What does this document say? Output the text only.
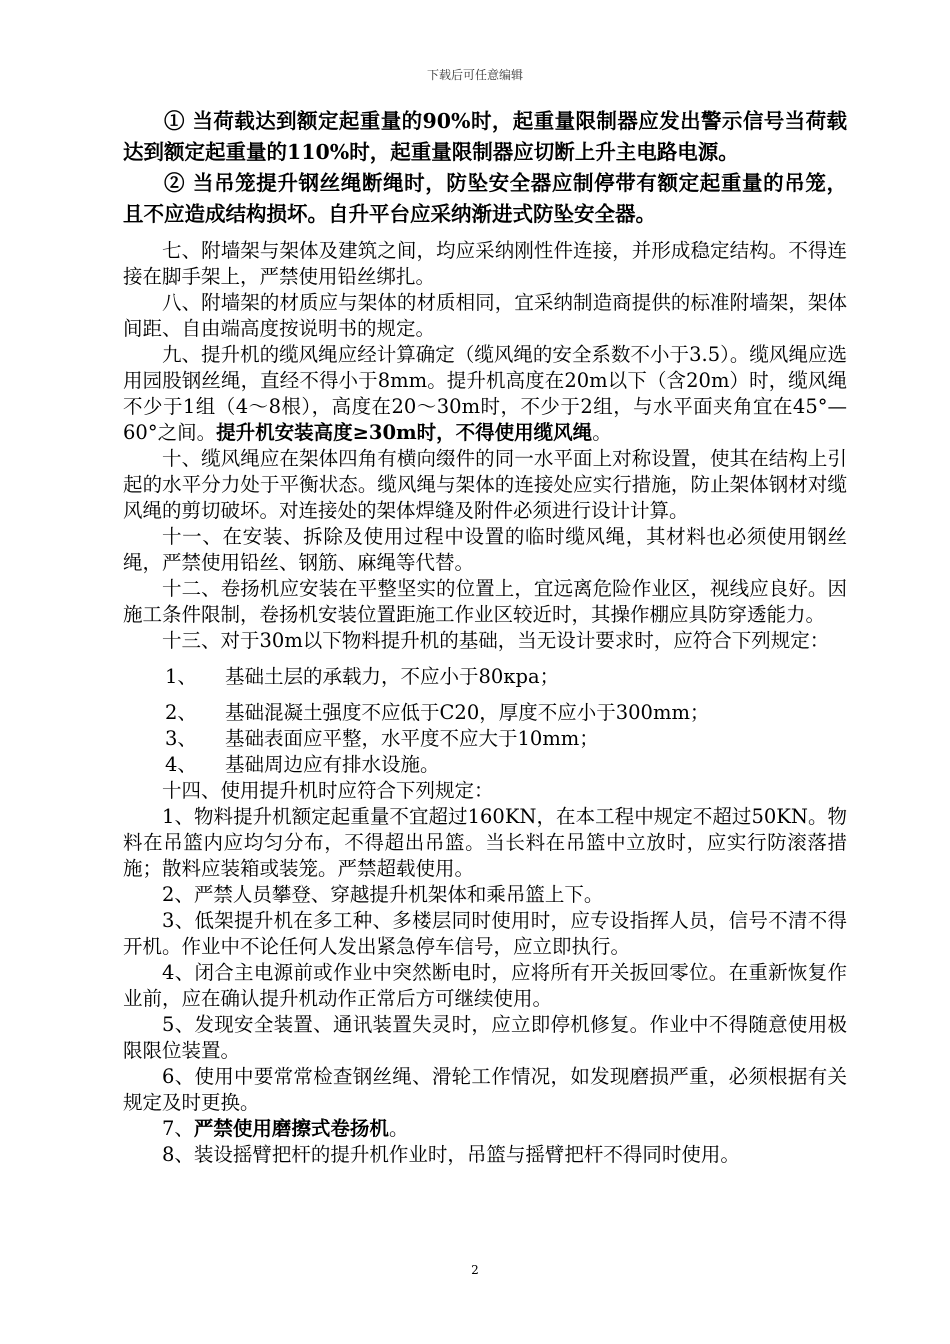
下载后可任意编辑

① 当荷载达到额定起重量的90%时，起重量限制器应发出警示信号当荷载达到额定起重量的110%时，起重量限制器应切断上升主电路电源。

② 当吊笼提升钢丝绳断绳时，防坠安全器应制停带有额定起重量的吊笼，且不应造成结构损坏。自升平台应采纳渐进式防坠安全器。

七、附墙架与架体及建筑之间，均应采纳刚性件连接，并形成稳定结构。不得连接在脚手架上，严禁使用铅丝绑扎。

八、附墙架的材质应与架体的材质相同，宜采纳制造商提供的标准附墙架，架体间距、自由端高度按说明书的规定。

九、提升机的缆风绳应经计算确定（缆风绳的安全系数不小于3.5）。缆风绳应选用园股钢丝绳，直经不得小于8mm。提升机高度在20m以下（含20m）时，缆风绳不少于1组（4～8根），高度在20～30m时，不少于2组，与水平面夹角宜在45°—60°之间。提升机安装高度≥30m时，不得使用缆风绳。

十、缆风绳应在架体四角有横向缀件的同一水平面上对称设置，使其在结构上引起的水平分力处于平衡状态。缆风绳与架体的连接处应实行措施，防止架体钢材对缆风绳的剪切破坏。对连接处的架体焊缝及附件必须进行设计计算。

十一、在安装、拆除及使用过程中设置的临时缆风绳，其材料也必须使用钢丝绳，严禁使用铅丝、钢筋、麻绳等代替。

十二、卷扬机应安装在平整坚实的位置上，宜远离危险作业区，视线应良好。因施工条件限制，卷扬机安装位置距施工作业区较近时，其操作棚应具防穿透能力。

十三、对于30m以下物料提升机的基础，当无设计要求时，应符合下列规定：

1、	基础土层的承载力，不应小于80кpa；
2、	基础混凝土强度不应低于C20，厚度不应小于300mm；
3、	基础表面应平整，水平度不应大于10mm；
4、	基础周边应有排水设施。

十四、使用提升机时应符合下列规定：

1、物料提升机额定起重量不宜超过160KN，在本工程中规定不超过50KN。物料在吊篮内应均匀分布，不得超出吊篮。当长料在吊篮中立放时，应实行防滚落措施；散料应装箱或装笼。严禁超载使用。

2、严禁人员攀登、穿越提升机架体和乘吊篮上下。

3、低架提升机在多工种、多楼层同时使用时，应专设指挥人员，信号不清不得开机。作业中不论任何人发出紧急停车信号，应立即执行。

4、闭合主电源前或作业中突然断电时，应将所有开关扳回零位。在重新恢复作业前，应在确认提升机动作正常后方可继续使用。

5、发现安全装置、通讯装置失灵时，应立即停机修复。作业中不得随意使用极限限位装置。

6、使用中要常常检查钢丝绳、滑轮工作情况，如发现磨损严重，必须根据有关规定及时更换。

7、严禁使用磨擦式卷扬机。

8、装设摇臂把杆的提升机作业时，吊篮与摇臂把杆不得同时使用。

2
